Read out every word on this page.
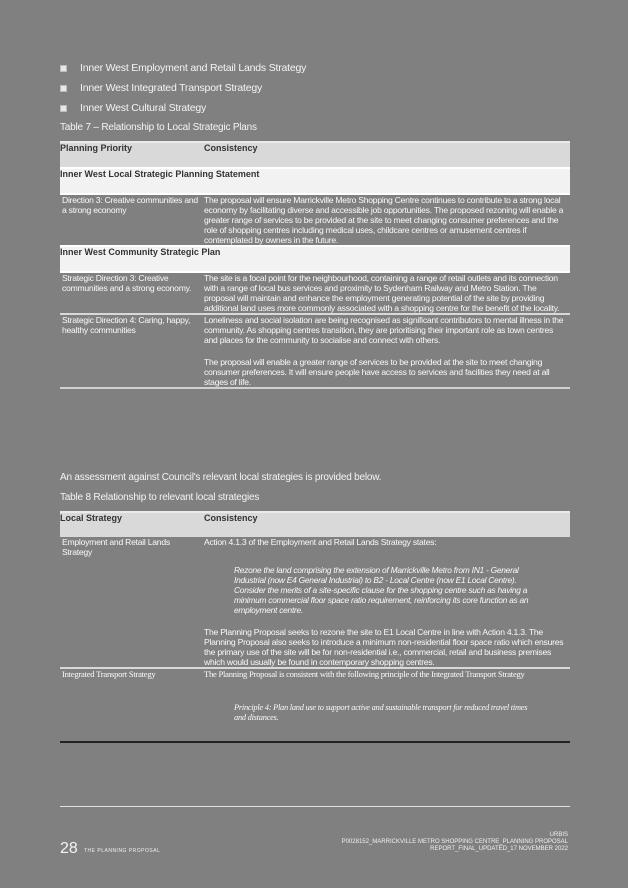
Inner West Employment and Retail Lands Strategy
Inner West Integrated Transport Strategy
Inner West Cultural Strategy
Table 7 – Relationship to Local Strategic Plans
Planning Priority	Consistency
Inner West Local Strategic Planning Statement	
Direction 3: Creative communities and a strong economy	The proposal will ensure Marrickville Metro Shopping Centre continues to contribute to a strong local economy by facilitating diverse and accessible job opportunities. The proposed rezoning will enable a greater range of services to be provided at the site to meet changing consumer preferences and the role of shopping centres including medical uses, childcare centres or amusement centres if contemplated by owners in the future.
Inner West Community Strategic Plan	
Strategic Direction 3: Creative communities and a strong economy.	The site is a focal point for the neighbourhood, containing a range of retail outlets and its connection with a range of local bus services and proximity to Sydenham Railway and Metro Station. The proposal will maintain and enhance the employment generating potential of the site by providing additional land uses more commonly associated with a shopping centre for the benefit of the locality.
Strategic Direction 4: Caring, happy, healthy communities	Loneliness and social isolation are being recognised as significant contributors to mental illness in the community. As shopping centres transition, they are prioritising their important role as town centres and places for the community to socialise and connect with others.
The proposal will enable a greater range of services to be provided at the site to meet changing consumer preferences. It will ensure people have access to services and facilities they need at all stages of life.
An assessment against Council's relevant local strategies is provided below.
Table 8 Relationship to relevant local strategies
Local Strategy	Consistency
Employment and Retail Lands Strategy	Action 4.1.3 of the Employment and Retail Lands Strategy states:
Rezone the land comprising the extension of Marrickville Metro from IN1 - General Industrial (now E4 General Industrial) to B2 - Local Centre (now E1 Local Centre). Consider the merits of a site-specific clause for the shopping centre such as having a minimum commercial floor space ratio requirement, reinforcing its core function as an employment centre.
The Planning Proposal seeks to rezone the site to E1 Local Centre in line with Action 4.1.3. The Planning Proposal also seeks to introduce a minimum non-residential floor space ratio which ensures the primary use of the site will be for non-residential i.e., commercial, retail and business premises which would usually be found in contemporary shopping centres.

Integrated Transport Strategy	The Planning Proposal is consistent with the following principle of the Integrated Transport Strategy
Principle 4: Plan land use to support active and sustainable transport for reduced travel times and distances.
28 THE PLANNING PROPOSAL
URBIS
P0028152_MARRICKVILLE METRO SHOPPING CENTRE_PLANNING PROPOSAL
REPORT_FINAL_UPDATED_17 NOVEMBER 2022
